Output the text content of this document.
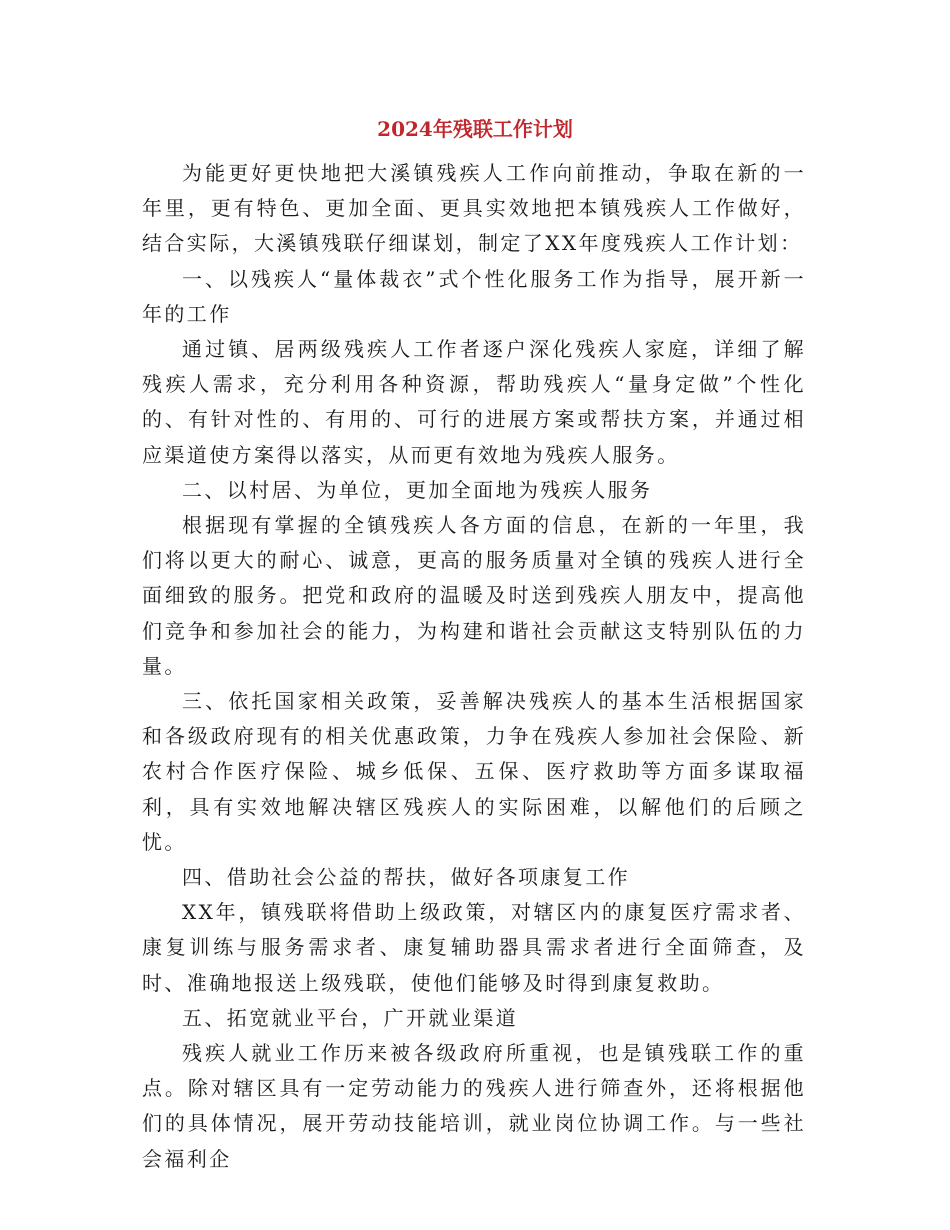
2024年残联工作计划

为能更好更快地把大溪镇残疾人工作向前推动，争取在新的一年里，更有特色、更加全面、更具实效地把本镇残疾人工作做好，结合实际，大溪镇残联仔细谋划，制定了XX年度残疾人工作计划：

一、以残疾人“量体裁衣”式个性化服务工作为指导，展开新一年的工作

通过镇、居两级残疾人工作者逐户深化残疾人家庭，详细了解残疾人需求，充分利用各种资源，帮助残疾人“量身定做”个性化的、有针对性的、有用的、可行的进展方案或帮扶方案，并通过相应渠道使方案得以落实，从而更有效地为残疾人服务。

二、以村居、为单位，更加全面地为残疾人服务

根据现有掌握的全镇残疾人各方面的信息，在新的一年里，我们将以更大的耐心、诚意，更高的服务质量对全镇的残疾人进行全面细致的服务。把党和政府的温暖及时送到残疾人朋友中，提高他们竞争和参加社会的能力，为构建和谐社会贡献这支特别队伍的力量。

三、依托国家相关政策，妥善解决残疾人的基本生活根据国家和各级政府现有的相关优惠政策，力争在残疾人参加社会保险、新农村合作医疗保险、城乡低保、五保、医疗救助等方面多谋取福利，具有实效地解决辖区残疾人的实际困难，以解他们的后顾之忧。

四、借助社会公益的帮扶，做好各项康复工作

XX年，镇残联将借助上级政策，对辖区内的康复医疗需求者、康复训练与服务需求者、康复辅助器具需求者进行全面筛查，及时、准确地报送上级残联，使他们能够及时得到康复救助。

五、拓宽就业平台，广开就业渠道

残疾人就业工作历来被各级政府所重视，也是镇残联工作的重点。除对辖区具有一定劳动能力的残疾人进行筛查外，还将根据他们的具体情况，展开劳动技能培训，就业岗位协调工作。与一些社会福利企
